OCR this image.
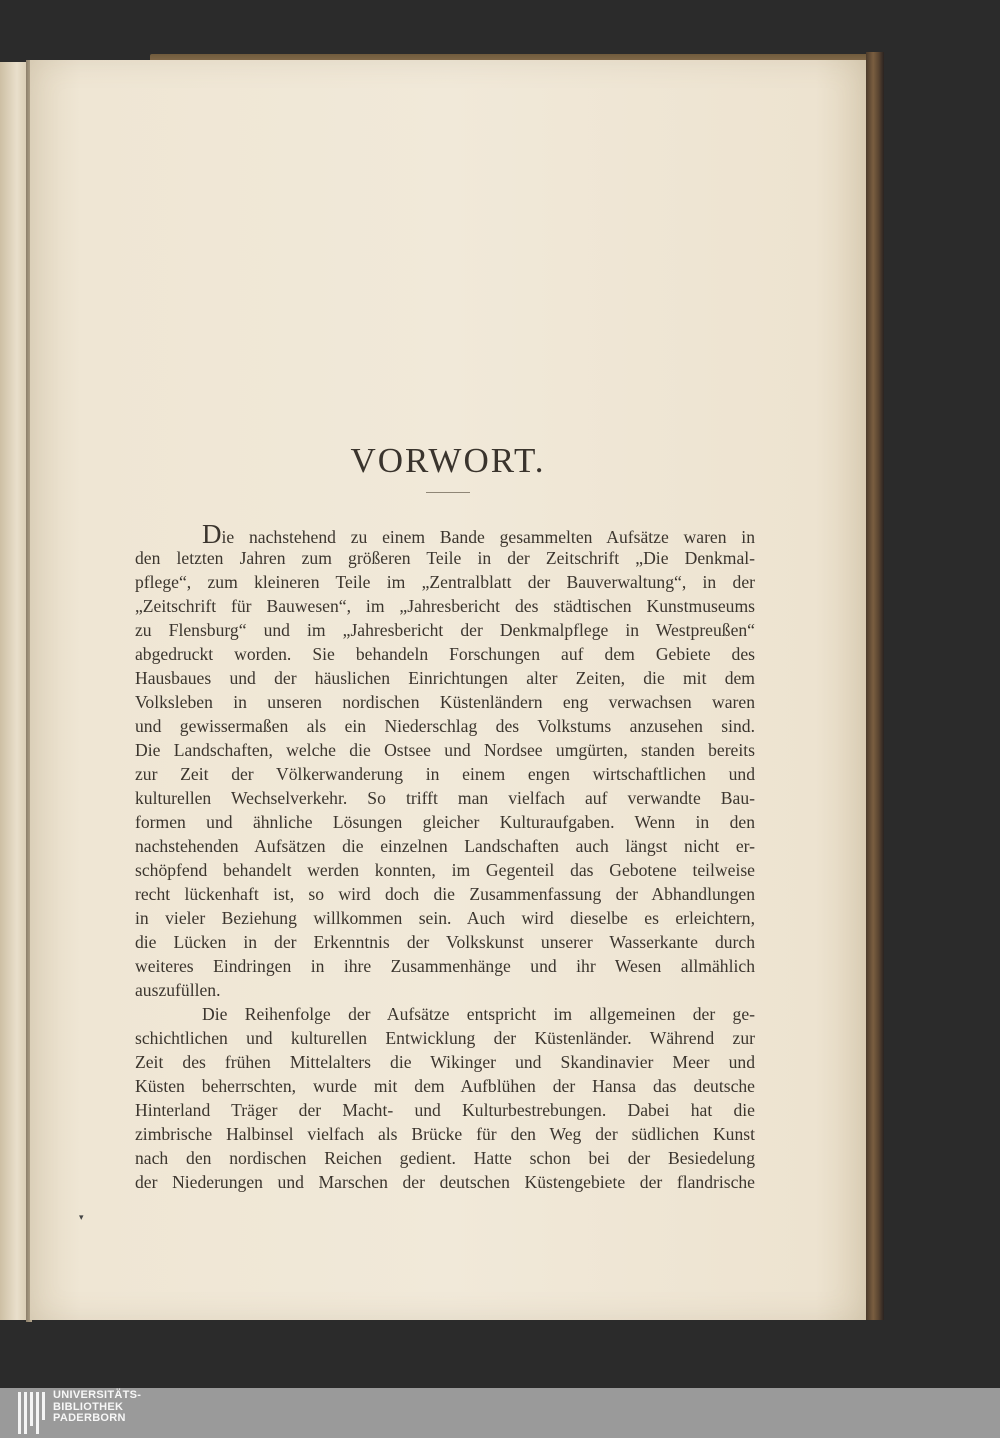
VORWORT.
Die nachstehend zu einem Bande gesammelten Aufsätze waren in
den letzten Jahren zum größeren Teile in der Zeitschrift „Die Denkmal-
pflege“, zum kleineren Teile im „Zentralblatt der Bauverwaltung“, in der
„Zeitschrift für Bauwesen“, im „Jahresbericht des städtischen Kunstmuseums
zu Flensburg“ und im „Jahresbericht der Denkmalpflege in Westpreußen“
abgedruckt worden. Sie behandeln Forschungen auf dem Gebiete des
Hausbaues und der häuslichen Einrichtungen alter Zeiten, die mit dem
Volksleben in unseren nordischen Küstenländern eng verwachsen waren
und gewissermaßen als ein Niederschlag des Volkstums anzusehen sind.
Die Landschaften, welche die Ostsee und Nordsee umgürten, standen bereits
zur Zeit der Völkerwanderung in einem engen wirtschaftlichen und
kulturellen Wechselverkehr. So trifft man vielfach auf verwandte Bau-
formen und ähnliche Lösungen gleicher Kulturaufgaben. Wenn in den
nachstehenden Aufsätzen die einzelnen Landschaften auch längst nicht er-
schöpfend behandelt werden konnten, im Gegenteil das Gebotene teilweise
recht lückenhaft ist, so wird doch die Zusammenfassung der Abhandlungen
in vieler Beziehung willkommen sein. Auch wird dieselbe es erleichtern,
die Lücken in der Erkenntnis der Volkskunst unserer Wasserkante durch
weiteres Eindringen in ihre Zusammenhänge und ihr Wesen allmählich
auszufüllen.
Die Reihenfolge der Aufsätze entspricht im allgemeinen der ge-
schichtlichen und kulturellen Entwicklung der Küstenländer. Während zur
Zeit des frühen Mittelalters die Wikinger und Skandinavier Meer und
Küsten beherrschten, wurde mit dem Aufblühen der Hansa das deutsche
Hinterland Träger der Macht- und Kulturbestrebungen. Dabei hat die
zimbrische Halbinsel vielfach als Brücke für den Weg der südlichen Kunst
nach den nordischen Reichen gedient. Hatte schon bei der Besiedelung
der Niederungen und Marschen der deutschen Küstengebiete der flandrische
▾
UNIVERSITÄTS-
BIBLIOTHEK
PADERBORN
